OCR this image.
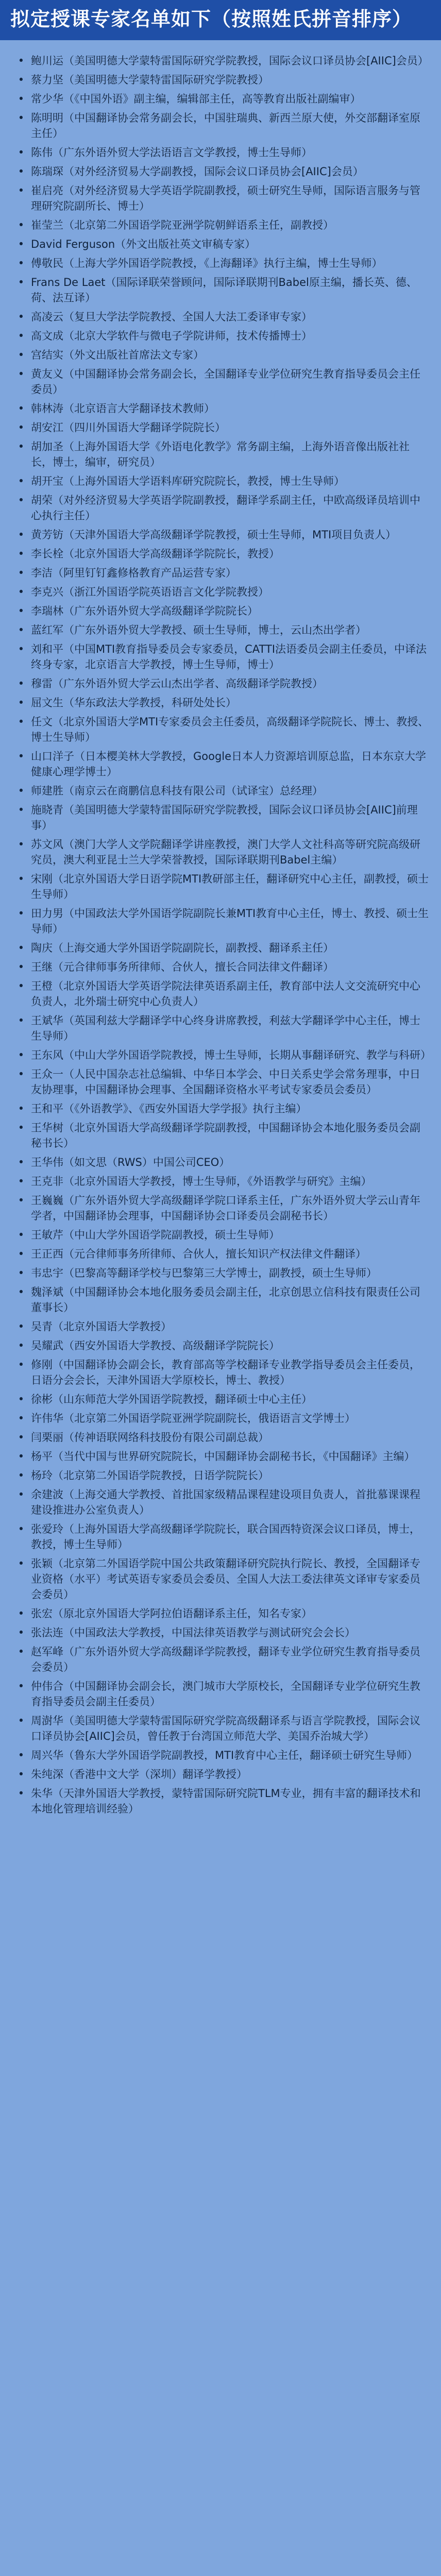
拟定授课专家名单如下（按照姓氏拼音排序）
• 鲍川运（美国明德大学蒙特雷国际研究学院教授，国际会议口译员协会[AIIC]会员）
• 蔡力坚（美国明德大学蒙特雷国际研究学院教授）
• 常少华（《中国外语》副主编，编辑部主任，高等教育出版社副编审）
• 陈明明（中国翻译协会常务副会长，中国驻瑞典、新西兰原大使，外交部翻译室原主任）
• 陈伟（广东外语外贸大学法语语言文学教授，博士生导师）
• 陈瑞琛（对外经济贸易大学副教授，国际会议口译员协会[AIIC]会员）
• 崔启亮（对外经济贸易大学英语学院副教授，硕士研究生导师，国际语言服务与管理研究院副所长、博士）
• 崔莹兰（北京第二外国语学院亚洲学院朝鲜语系主任，副教授）
• David Ferguson（外文出版社英文审稿专家）
• 傅敬民（上海大学外国语学院教授，《上海翻译》执行主编，博士生导师）
• Frans De Laet（国际译联荣誉顾问，国际译联期刊Babel原主编，播长英、德、荷、法互译）
• 高凌云（复旦大学法学院教授、全国人大法工委译审专家）
• 高文成（北京大学软件与微电子学院讲师，技术传播博士）
• 宫结实（外文出版社首席法文专家）
• 黄友义（中国翻译协会常务副会长，全国翻译专业学位研究生教育指导委员会主任委员）
• 韩林涛（北京语言大学翻译技术教师）
• 胡安江（四川外国语大学翻译学院院长）
• 胡加圣（上海外国语大学《外语电化教学》常务副主编，上海外语音像出版社社长，博士，编审，研究员）
• 胡开宝（上海外国语大学语料库研究院院长，教授，博士生导师）
• 胡荣（对外经济贸易大学英语学院副教授，翻译学系副主任，中欧高级译员培训中心执行主任）
• 黄芳钫（天津外国语大学高级翻译学院教授，硕士生导师，MTI项目负责人）
• 李长栓（北京外国语大学高级翻译学院院长，教授）
• 李洁（阿里钉钉鑫修格教育产品运营专家）
• 李克兴（浙江外国语学院英语语言文化学院教授）
• 李瑞林（广东外语外贸大学高级翻译学院院长）
• 蓝红军（广东外语外贸大学教授、硕士生导师，博士，云山杰出学者）
• 刘和平（中国MTI教育指导委员会专家委员，CATTI法语委员会副主任委员，中译法终身专家，北京语言大学教授，博士生导师，博士）
• 穆雷（广东外语外贸大学云山杰出学者、高级翻译学院教授）
• 屈文生（华东政法大学教授，科研处处长）
• 任文（北京外国语大学MTI专家委员会主任委员，高级翻译学院院长、博士、教授、博士生导师）
• 山口洋子（日本樱美林大学教授，Google日本人力资源培训原总监，日本东京大学健康心理学博士）
• 师建胜（南京云在商鹏信息科技有限公司（试译宝）总经理）
• 施晓青（美国明德大学蒙特雷国际研究学院教授，国际会议口译员协会[AIIC]前理事）
• 苏文风（澳门大学人文学院翻译学讲座教授，澳门大学人文社科高等研究院高级研究员，澳大利亚昆士兰大学荣誉教授，国际译联期刊Babel主编）
• 宋刚（北京外国语大学日语学院MTI教研部主任，翻译研究中心主任，副教授，硕士生导师）
• 田力男（中国政法大学外国语学院副院长兼MTI教育中心主任，博士、教授、硕士生导师）
• 陶庆（上海交通大学外国语学院副院长，副教授、翻译系主任）
• 王继（元合律师事务所律师、合伙人，擅长合同法律文件翻译）
• 王橙（北京外国语大学英语学院法律英语系副主任，教育部中法人文交流研究中心负责人，北外瑞士研究中心负责人）
• 王斌华（英国利兹大学翻译学中心终身讲席教授，利兹大学翻译学中心主任，博士生导师）
• 王东风（中山大学外国语学院教授，博士生导师，长期从事翻译研究、教学与科研）
• 王众一（人民中国杂志社总编辑、中华日本学会、中日关系史学会常务理事，中日友协理事，中国翻译协会理事、全国翻译资格水平考试专家委员会委员）
• 王和平（《外语教学》、《西安外国语大学学报》执行主编）
• 王华树（北京外国语大学高级翻译学院副教授，中国翻译协会本地化服务委员会副秘书长）
• 王华伟（如文思（RWS）中国公司CEO）
• 王克非（北京外国语大学教授，博士生导师，《外语教学与研究》主编）
• 王巍巍（广东外语外贸大学高级翻译学院口译系主任，广东外语外贸大学云山青年学者，中国翻译协会理事，中国翻译协会口译委员会副秘书长）
• 王敏芹（中山大学外国语学院副教授，硕士生导师）
• 王正西（元合律师事务所律师、合伙人，擅长知识产权法律文件翻译）
• 韦忠宇（巴黎高等翻译学校与巴黎第三大学博士，副教授，硕士生导师）
• 魏泽斌（中国翻译协会本地化服务委员会副主任，北京创思立信科技有限责任公司董事长）
• 吴青（北京外国语大学教授）
• 吴耀武（西安外国语大学教授、高级翻译学院院长）
• 修刚（中国翻译协会副会长，教育部高等学校翻译专业教学指导委员会主任委员，日语分会会长，天津外国语大学原校长，博士、教授）
• 徐彬（山东师范大学外国语学院教授，翻译硕士中心主任）
• 许伟华（北京第二外国语学院亚洲学院副院长，俄语语言文学博士）
• 闫栗丽（传神语联网络科技股份有限公司副总裁）
• 杨平（当代中国与世界研究院院长，中国翻译协会副秘书长，《中国翻译》主编）
• 杨玲（北京第二外国语学院教授，日语学院院长）
• 余建波（上海交通大学教授、首批国家级精品课程建设项目负责人，首批慕课课程建设推进办公室负责人）
• 张爱玲（上海外国语大学高级翻译学院院长，联合国西特资深会议口译员，博士，教授，博士生导师）
• 张颖（北京第二外国语学院中国公共政策翻译研究院执行院长、教授，全国翻译专业资格（水平）考试英语专家委员会委员、全国人大法工委法律英文译审专家委员会委员）
• 张宏（原北京外国语大学阿拉伯语翻译系主任，知名专家）
• 张法连（中国政法大学教授，中国法律英语教学与测试研究会会长）
• 赵军峰（广东外语外贸大学高级翻译学院教授，翻译专业学位研究生教育指导委员会委员）
• 仲伟合（中国翻译协会副会长，澳门城市大学原校长，全国翻译专业学位研究生教育指导委员会副主任委员）
• 周澍华（美国明德大学蒙特雷国际研究学院高级翻译系与语言学院教授，国际会议口译员协会[AIIC]会员，曾任教于台湾国立师范大学、美国乔治城大学）
• 周兴华（鲁东大学外国语学院副教授，MTI教育中心主任，翻译硕士研究生导师）
• 朱纯深（香港中文大学（深圳）翻译学教授）
• 朱华（天津外国语大学教授，蒙特雷国际研究院TLM专业，拥有丰富的翻译技术和本地化管理培训经验）
